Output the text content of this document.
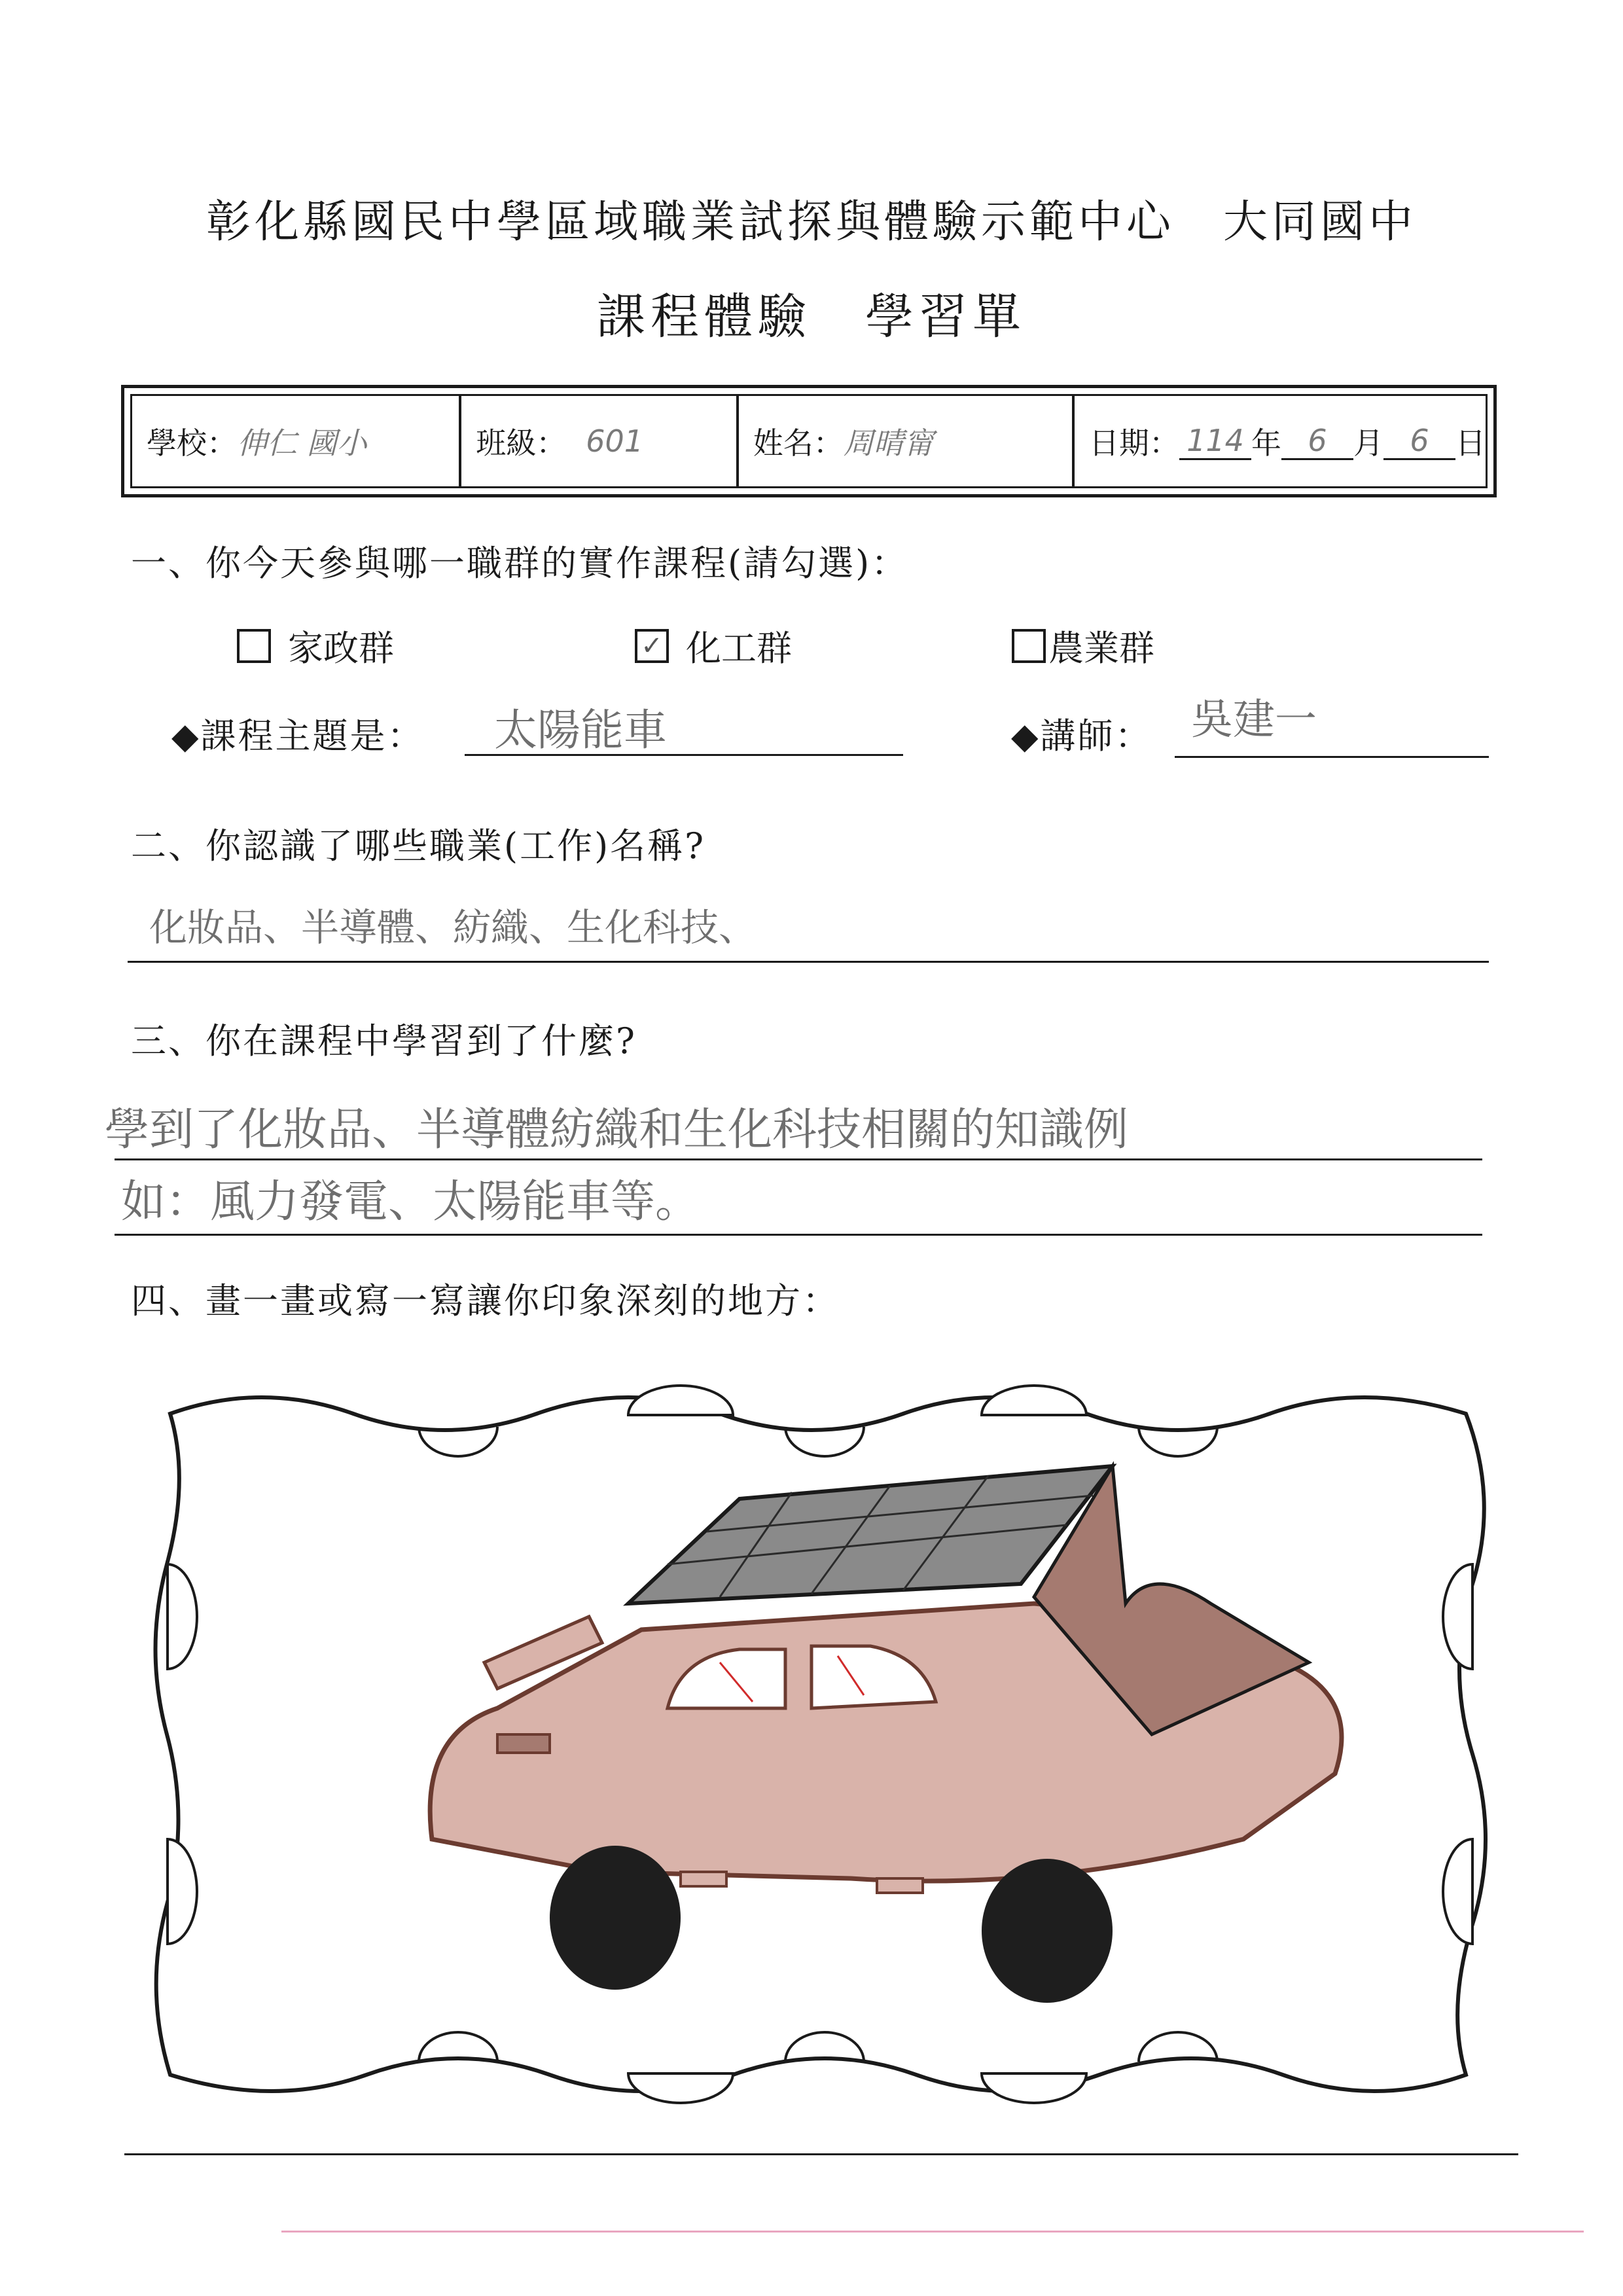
彰化縣國民中學區域職業試探與體驗示範中心　大同國中
課程體驗　學習單
學校： 伸仁 國小	班級： 601	姓名： 周晴甯	日期： 114 年 6 月 6 日
一、你今天參與哪一職群的實作課程(請勾選)：
家政群	✓ 化工群	農業群
◆課程主題是： 太陽能車	◆講師： 吳建一
二、你認識了哪些職業(工作)名稱?
化妝品、半導體、紡織、生化科技、
三、你在課程中學習到了什麼?
學到了化妝品、半導體紡織和生化科技相關的知識例
如：風力發電、太陽能車等。
四、畫一畫或寫一寫讓你印象深刻的地方：
